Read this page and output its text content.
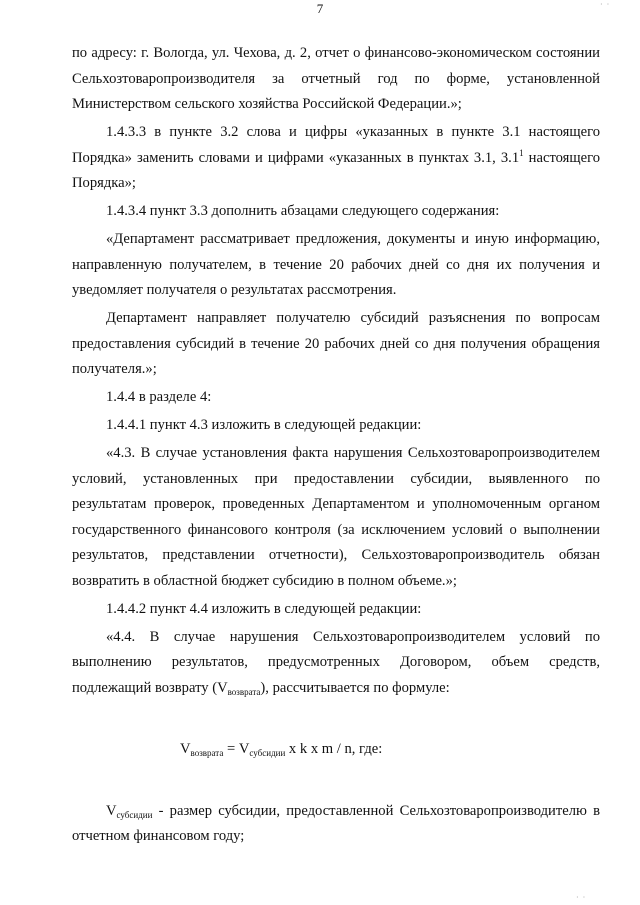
7

по адресу: г. Вологда, ул. Чехова, д. 2, отчет о финансово-экономическом состоянии Сельхозтоваропроизводителя за отчетный год по форме, установленной Министерством сельского хозяйства Российской Федерации.»;

1.4.3.3 в пункте 3.2 слова и цифры «указанных в пункте 3.1 настоящего Порядка» заменить словами и цифрами «указанных в пунктах 3.1, $3.1^1$ настоящего Порядка»;

1.4.3.4 пункт 3.3 дополнить абзацами следующего содержания:

«Департамент рассматривает предложения, документы и иную информацию, направленную получателем, в течение 20 рабочих дней со дня их получения и уведомляет получателя о результатах рассмотрения.

Департамент направляет получателю субсидий разъяснения по вопросам предоставления субсидий в течение 20 рабочих дней со дня получения обращения получателя.»;

1.4.4 в разделе 4:

1.4.4.1 пункт 4.3 изложить в следующей редакции:

«4.3. В случае установления факта нарушения Сельхозтоваропроизводителем условий, установленных при предоставлении субсидии, выявленного по результатам проверок, проведенных Департаментом и уполномоченным органом государственного финансового контроля (за исключением условий о выполнении результатов, представлении отчетности), Сельхозтоваропроизводитель обязан возвратить в областной бюджет субсидию в полном объеме.»;

1.4.4.2 пункт 4.4 изложить в следующей редакции:

«4.4. В случае нарушения Сельхозтоваропроизводителем условий по выполнению результатов, предусмотренных Договором, объем средств, подлежащий возврату $(V_{возврата})$, рассчитывается по формуле:

$V_{возврата} = V_{субсидии}$ x k x m / n, где:

$V_{субсидии}$ - размер субсидии, предоставленной Сельхозтоваропроизводителю в отчетном финансовом году;

· ·
· ·
